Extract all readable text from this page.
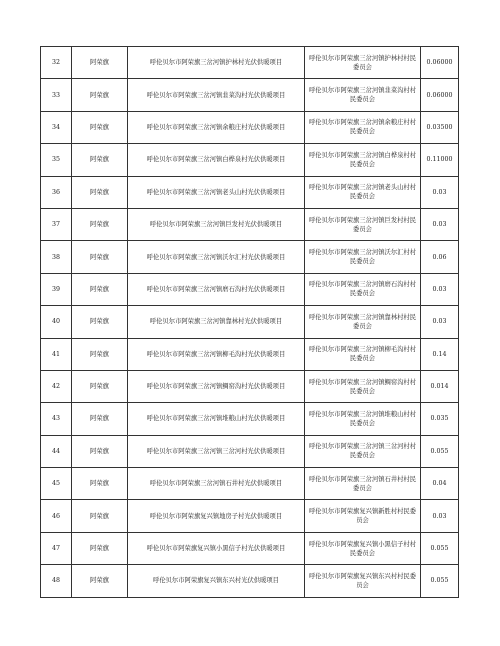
32	阿荣旗	呼伦贝尔市阿荣旗三岔河镇护林村光伏供暖项目	呼伦贝尔市阿荣旗三岔河镇护林村村民委员会	0.06000
33	阿荣旗	呼伦贝尔市阿荣旗三岔河镇韭菜沟村光伏供暖项目	呼伦贝尔市阿荣旗三岔河镇韭菜沟村村民委员会	0.06000
34	阿荣旗	呼伦贝尔市阿荣旗三岔河镇余粮庄村光伏供暖项目	呼伦贝尔市阿荣旗三岔河镇余粮庄村村民委员会	0.03500
35	阿荣旗	呼伦贝尔市阿荣旗三岔河镇白桦泉村光伏供暖项目	呼伦贝尔市阿荣旗三岔河镇白桦泉村村民委员会	0.11000
36	阿荣旗	呼伦贝尔市阿荣旗三岔河镇老头山村光伏供暖项目	呼伦贝尔市阿荣旗三岔河镇老头山村村民委员会	0.03
37	阿荣旗	呼伦贝尔市阿荣旗三岔河镇巨发村光伏供暖项目	呼伦贝尔市阿荣旗三岔河镇巨发村村民委员会	0.03
38	阿荣旗	呼伦贝尔市阿荣旗三岔河镇沃尔汇村光伏供暖项目	呼伦贝尔市阿荣旗三岔河镇沃尔汇村村民委员会	0.06
39	阿荣旗	呼伦贝尔市阿荣旗三岔河镇磨石沟村光伏供暖项目	呼伦贝尔市阿荣旗三岔河镇磨石沟村村民委员会	0.03
40	阿荣旗	呼伦贝尔市阿荣旗三岔河镇靠林村光伏供暖项目	呼伦贝尔市阿荣旗三岔河镇靠林村村民委员会	0.03
41	阿荣旗	呼伦贝尔市阿荣旗三岔河镇柳毛沟村光伏供暖项目	呼伦贝尔市阿荣旗三岔河镇柳毛沟村村民委员会	0.14
42	阿荣旗	呼伦贝尔市阿荣旗三岔河镇鲷窑沟村光伏供暖项目	呼伦贝尔市阿荣旗三岔河镇鲷窑沟村村民委员会	0.014
43	阿荣旗	呼伦贝尔市阿荣旗三岔河镇堆粮山村光伏供暖项目	呼伦贝尔市阿荣旗三岔河镇堆粮山村村民委员会	0.035
44	阿荣旗	呼伦贝尔市阿荣旗三岔河镇三岔河村光伏供暖项目	呼伦贝尔市阿荣旗三岔河镇三岔河村村民委员会	0.055
45	阿荣旗	呼伦贝尔市阿荣旗三岔河镇石井村光伏供暖项目	呼伦贝尔市阿荣旗三岔河镇石井村村民委员会	0.04
46	阿荣旗	呼伦贝尔市阿荣旗复兴镇地房子村光伏供暖项目	呼伦贝尔市阿荣旗复兴镇新胜村村民委员会	0.03
47	阿荣旗	呼伦贝尔市阿荣旗复兴镇小黑信子村光伏供暖项目	呼伦贝尔市阿荣旗复兴镇小黑信子村村民委员会	0.055
48	阿荣旗	呼伦贝尔市阿荣旗复兴镇东兴村光伏供暖项目	呼伦贝尔市阿荣旗复兴镇东兴村村民委员会	0.055
